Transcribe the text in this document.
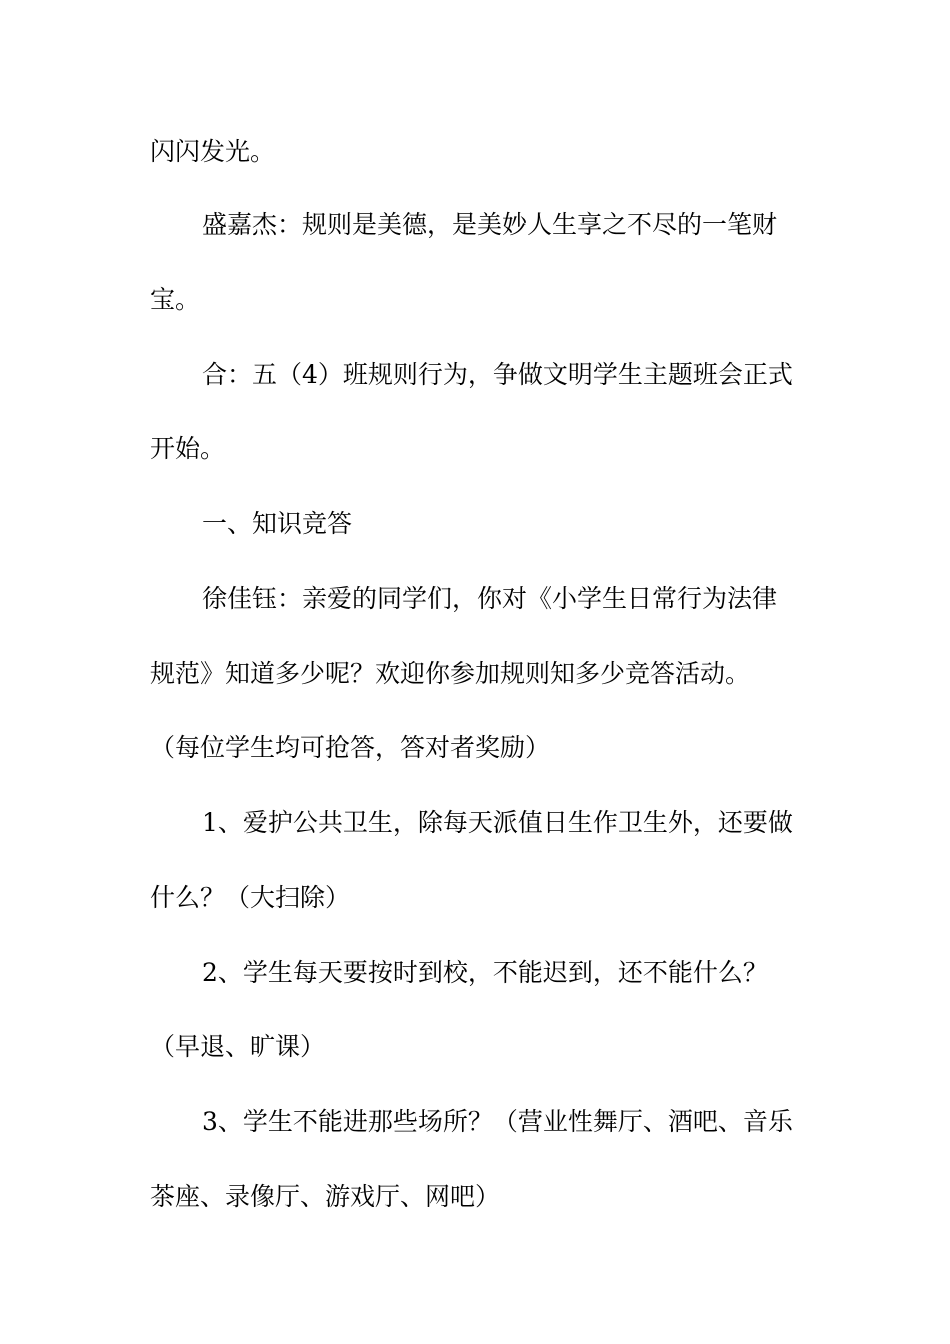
闪闪发光。

盛嘉杰：规则是美德，是美妙人生享之不尽的一笔财

宝。

合：五（4）班规则行为，争做文明学生主题班会正式

开始。

一、知识竞答

徐佳钰：亲爱的同学们，你对《小学生日常行为法律

规范》知道多少呢？欢迎你参加规则知多少竞答活动。

（每位学生均可抢答，答对者奖励）

1、爱护公共卫生，除每天派值日生作卫生外，还要做

什么？（大扫除）

2、学生每天要按时到校，不能迟到，还不能什么？

（早退、旷课）

3、学生不能进那些场所？（营业性舞厅、酒吧、音乐

茶座、录像厅、游戏厅、网吧）
